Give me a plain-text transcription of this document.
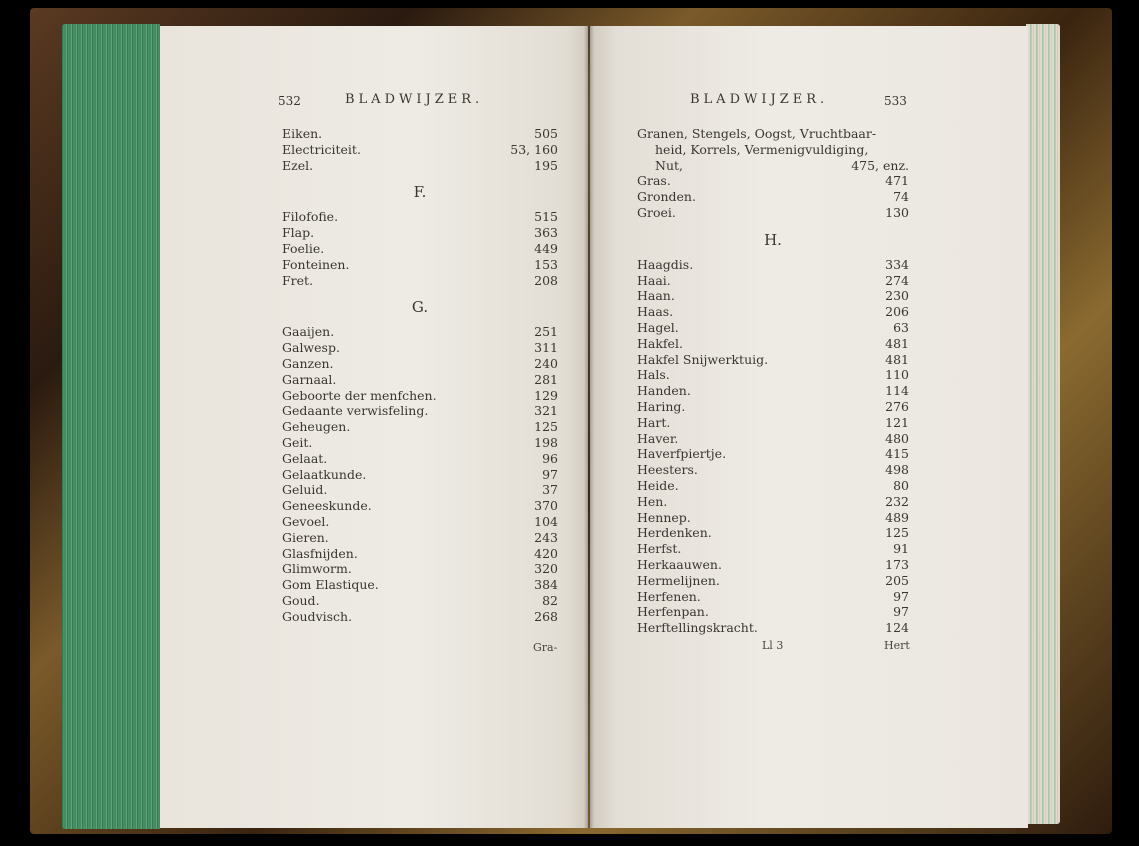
532	BLADWIJZER.
Eiken.	505
Electriciteit.	53, 160
Ezel.	195
F.
Filofofie.	515
Flap.	363
Foelie.	449
Fonteinen.	153
Fret.	208
G.
Gaaijen.	251
Galwesp.	311
Ganzen.	240
Garnaal.	281
Geboorte der menfchen.	129
Gedaante verwisfeling.	321
Geheugen.	125
Geit.	198
Gelaat.	96
Gelaatkunde.	97
Geluid.	37
Geneeskunde.	370
Gevoel.	104
Gieren.	243
Glasfnijden.	420
Glimworm.	320
Gom Elastique.	384
Goud.	82
Goudvisch.	268
Gra-
BLADWIJZER.	533
Granen, Stengels, Oogst, Vruchtbaar-
heid, Korrels, Vermenigvuldiging,
Nut,	475, enz.
Gras.	471
Gronden.	74
Groei.	130
H.
Haagdis.	334
Haai.	274
Haan.	230
Haas.	206
Hagel.	63
Hakfel.	481
Hakfel Snijwerktuig.	481
Hals.	110
Handen.	114
Haring.	276
Hart.	121
Haver.	480
Haverfpiertje.	415
Heesters.	498
Heide.	80
Hen.	232
Hennep.	489
Herdenken.	125
Herfst.	91
Herkaauwen.	173
Hermelijnen.	205
Herfenen.	97
Herfenpan.	97
Herftellingskracht.	124
Ll 3	Hert
